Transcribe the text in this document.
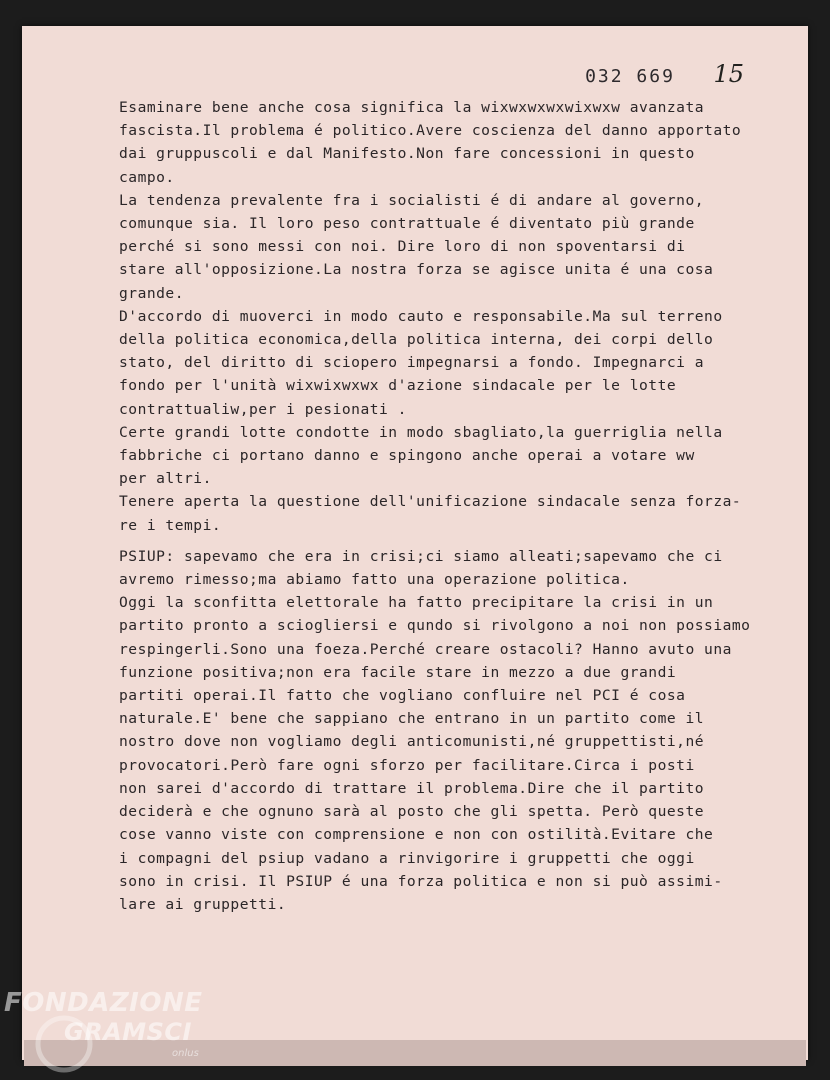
032 669 15
Esaminare bene anche cosa significa la wixwxwxwxwixwxw avanzata
fascista.Il problema é politico.Avere coscienza del danno apportato
dai gruppuscoli e dal Manifesto.Non fare concessioni in questo
campo.
La tendenza prevalente fra i socialisti é di andare al governo,
comunque sia. Il loro peso contrattuale é diventato più grande
perché si sono messi con noi. Dire loro di non spoventarsi di
stare all'opposizione.La nostra forza se agisce unita é una cosa
grande.
D'accordo di muoverci in modo cauto e responsabile.Ma sul terreno
della politica economica,della politica interna, dei corpi dello
stato, del diritto di sciopero impegnarsi a fondo. Impegnarci a
fondo per l'unità wixwixwxwx d'azione sindacale per le lotte
contrattualiw,per i pesionati .
Certe grandi lotte condotte in modo sbagliato,la guerriglia nella
fabbriche ci portano danno e spingono anche operai a votare ww
per altri.
Tenere aperta la questione dell'unificazione sindacale senza forza-
re i tempi.
PSIUP: sapevamo che era in crisi;ci siamo alleati;sapevamo che ci
avremo rimesso;ma abiamo fatto una operazione politica.
Oggi la sconfitta elettorale ha fatto precipitare la crisi in un
partito pronto a sciogliersi e qundo si rivolgono a noi non possiamo
respingerli.Sono una foeza.Perché creare ostacoli? Hanno avuto una
funzione positiva;non era facile stare in mezzo a due grandi
partiti operai.Il fatto che vogliano confluire nel PCI é cosa
naturale.E' bene che sappiano che entrano in un partito come il
nostro dove non vogliamo degli anticomunisti,né gruppettisti,né
provocatori.Però fare ogni sforzo per facilitare.Circa i posti
non sarei d'accordo di trattare il problema.Dire che il partito
deciderà e che ognuno sarà al posto che gli spetta. Però queste
cose vanno viste con comprensione e non con ostilità.Evitare che
i compagni del psiup vadano a rinvigorire i gruppetti che oggi
sono in crisi. Il PSIUP é una forza politica e non si può assimi-
lare ai gruppetti.
FONDAZIONE
GRAMSCI
onlus
